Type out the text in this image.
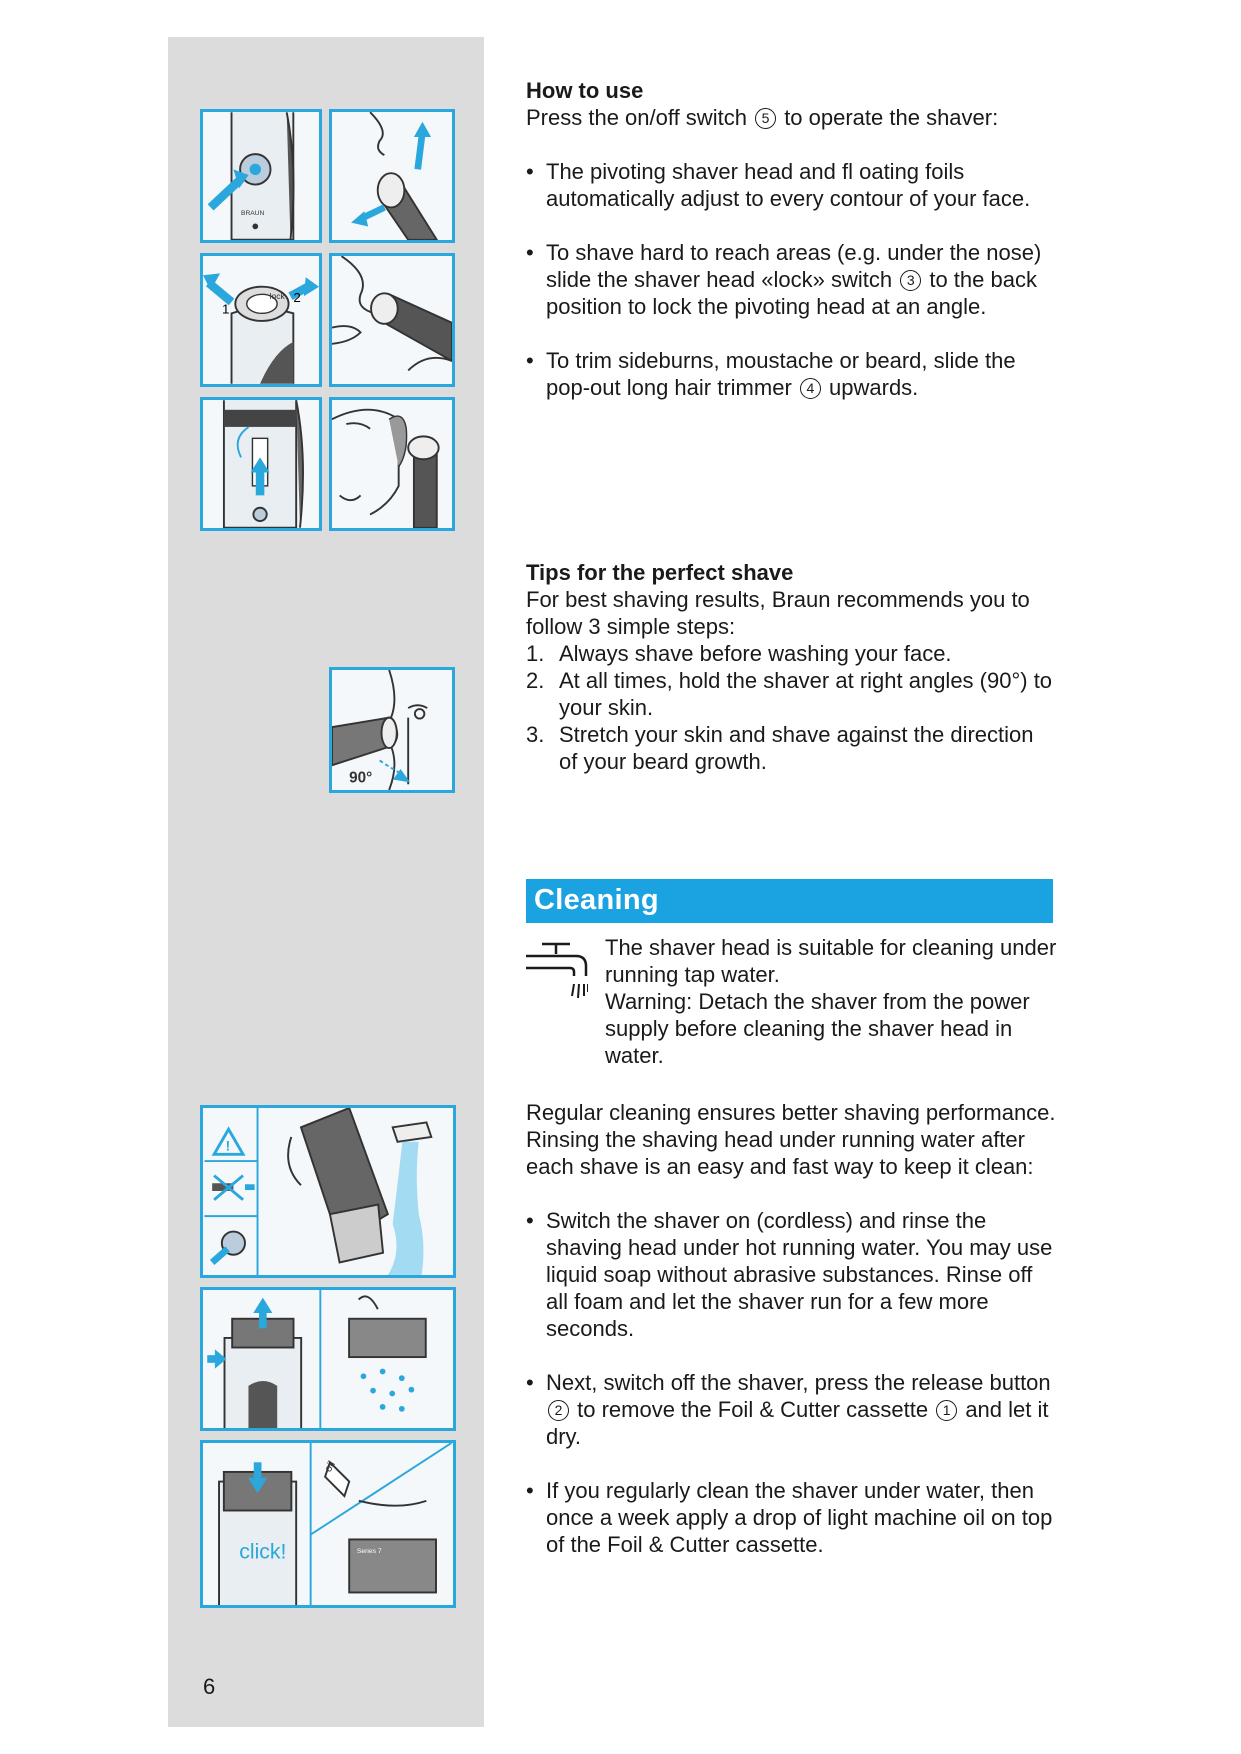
BRAUN
1
lock 2
90°
!
click!
oil
Series 7
6

How to use

Press the on/off switch 5 to operate the shaver:

• The pivoting shaver head and fl oating foils automatically adjust to every contour of your face.

• To shave hard to reach areas (e.g. under the nose) slide the shaver head «lock» switch 3 to the back position to lock the pivoting head at an angle.

• To trim sideburns, moustache or beard, slide the pop-out long hair trimmer 4 upwards.

Tips for the perfect shave

For best shaving results, Braun recommends you to follow 3 simple steps:

1. Always shave before washing your face.

2. At all times, hold the shaver at right angles (90°) to your skin.

3. Stretch your skin and shave against the direction of your beard growth.

Cleaning

The shaver head is suitable for cleaning under running tap water.

Warning: Detach the shaver from the power supply before cleaning the shaver head in water.

Regular cleaning ensures better shaving performance. Rinsing the shaving head under running water after each shave is an easy and fast way to keep it clean:

• Switch the shaver on (cordless) and rinse the shaving head under hot running water. You may use liquid soap without abrasive substances. Rinse off all foam and let the shaver run for a few more seconds.

• Next, switch off the shaver, press the release button 2 to remove the Foil & Cutter cassette 1 and let it dry.

• If you regularly clean the shaver under water, then once a week apply a drop of light machine oil on top of the Foil & Cutter cassette.
